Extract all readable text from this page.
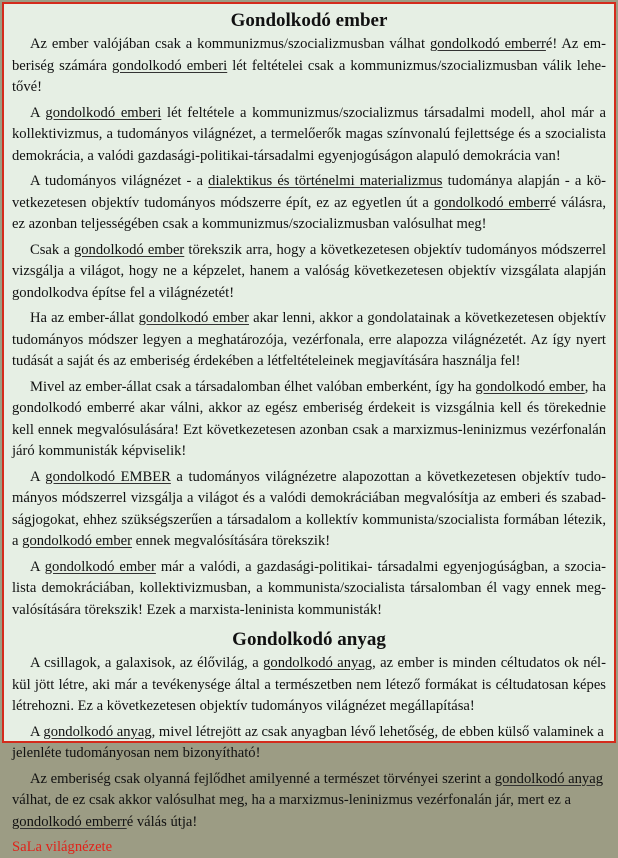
Gondolkodó ember

Az ember valójában csak a kommunizmus/szocializmusban válhat gondolkodó emberré! Az emberiség számára gondolkodó emberi lét feltételei csak a kommunizmus/szocializmusban válik lehetővé!

A gondolkodó emberi lét feltétele a kommunizmus/szocializmus társadalmi modell, ahol már a kollektivizmus, a tudományos világnézet, a termelőerők magas színvonalú fejlettsége és a szocialista demokrácia, a valódi gazdasági-politikai-társadalmi egyenjogúságon alapuló demokrácia van!

A tudományos világnézet - a dialektikus és történelmi materializmus tudománya alapján - a következetesen objektív tudományos módszerre épít, ez az egyetlen út a gondolkodó emberré válásra, ez azonban teljességében csak a kommunizmus/szocializmusban valósulhat meg!

Csak a gondolkodó ember törekszik arra, hogy a következetesen objektív tudományos módszerrel vizsgálja a világot, hogy ne a képzelet, hanem a valóság következetesen objektív vizsgálata alapján gondolkodva építse fel a világnézetét!

Ha az ember-állat gondolkodó ember akar lenni, akkor a gondolatainak a következetesen objektív tudományos módszer legyen a meghatározója, vezérfonala, erre alapozza világnézetét. Az így nyert tudását a saját és az emberiség érdekében a létfeltételeinek megjavítására használja fel!

Mivel az ember-állat csak a társadalomban élhet valóban emberként, így ha gondolkodó ember, ha gondolkodó emberré akar válni, akkor az egész emberiség érdekeit is vizsgálnia kell és törekednie kell ennek megvalósulására! Ezt következetesen azonban csak a marxizmus-leninizmus vezérfonalán járó kommunisták képviselik!

A gondolkodó EMBER a tudományos világnézetre alapozottan a következetesen objektív tudományos módszerrel vizsgálja a világot és a valódi demokráciában megvalósítja az emberi és szabadságjogokat, ehhez szükségszerűen a társadalom a kollektív kommunista/szocialista formában létezik, a gondolkodó ember ennek megvalósítására törekszik!

A gondolkodó ember már a valódi, a gazdasági-politikai- társadalmi egyenjogúságban, a szocialista demokráciában, kollektivizmusban, a kommunista/szocialista társalomban él vagy ennek megvalósítására törekszik! Ezek a marxista-leninista kommunisták!

Gondolkodó anyag

A csillagok, a galaxisok, az élővilág, a gondolkodó anyag, az ember is minden céltudatos ok nélkül jött létre, aki már a tevékenysége által a természetben nem létező formákat is céltudatosan képes létrehozni. Ez a következetesen objektív tudományos világnézet megállapítása!

A gondolkodó anyag, mivel létrejött az csak anyagban lévő lehetőség, de ebben külső valaminek a jelenléte tudományosan nem bizonyítható!

Az emberiség csak olyanná fejlődhet amilyenné a természet törvényei szerint a gondolkodó anyag válhat, de ez csak akkor valósulhat meg, ha a marxizmus-leninizmus vezérfonalán jár, mert ez a gondolkodó emberré válás útja!

SaLa világnézete
